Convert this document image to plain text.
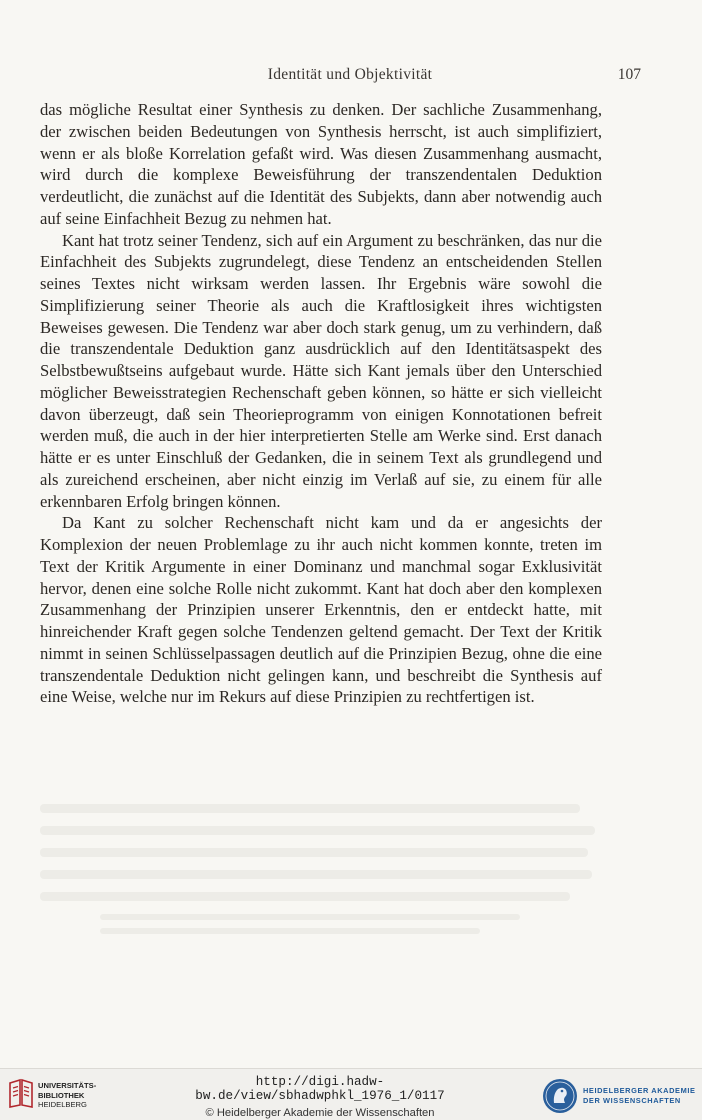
Identität und Objektivität	107

das mögliche Resultat einer Synthesis zu denken. Der sachliche Zusammenhang, der zwischen beiden Bedeutungen von Synthesis herrscht, ist auch simplifiziert, wenn er als bloße Korrelation gefaßt wird. Was diesen Zusammenhang ausmacht, wird durch die komplexe Beweisführung der transzendentalen Deduktion verdeutlicht, die zunächst auf die Identität des Subjekts, dann aber notwendig auch auf seine Einfachheit Bezug zu nehmen hat.

Kant hat trotz seiner Tendenz, sich auf ein Argument zu beschränken, das nur die Einfachheit des Subjekts zugrundelegt, diese Tendenz an entscheidenden Stellen seines Textes nicht wirksam werden lassen. Ihr Ergebnis wäre sowohl die Simplifizierung seiner Theorie als auch die Kraftlosigkeit ihres wichtigsten Beweises gewesen. Die Tendenz war aber doch stark genug, um zu verhindern, daß die transzendentale Deduktion ganz ausdrücklich auf den Identitätsaspekt des Selbstbewußtseins aufgebaut wurde. Hätte sich Kant jemals über den Unterschied möglicher Beweisstrategien Rechenschaft geben können, so hätte er sich vielleicht davon überzeugt, daß sein Theorieprogramm von einigen Konnotationen befreit werden muß, die auch in der hier interpretierten Stelle am Werke sind. Erst danach hätte er es unter Einschluß der Gedanken, die in seinem Text als grundlegend und als zureichend erscheinen, aber nicht einzig im Verlaß auf sie, zu einem für alle erkennbaren Erfolg bringen können.

Da Kant zu solcher Rechenschaft nicht kam und da er angesichts der Komplexion der neuen Problemlage zu ihr auch nicht kommen konnte, treten im Text der Kritik Argumente in einer Dominanz und manchmal sogar Exklusivität hervor, denen eine solche Rolle nicht zukommt. Kant hat doch aber den komplexen Zusammenhang der Prinzipien unserer Erkenntnis, den er entdeckt hatte, mit hinreichender Kraft gegen solche Tendenzen geltend gemacht. Der Text der Kritik nimmt in seinen Schlüsselpassagen deutlich auf die Prinzipien Bezug, ohne die eine transzendentale Deduktion nicht gelingen kann, und beschreibt die Synthesis auf eine Weise, welche nur im Rekurs auf diese Prinzipien zu rechtfertigen ist.

UNIVERSITÄTS-
BIBLIOTHEK
HEIDELBERG
http://digi.hadw-bw.de/view/sbhadwphkl_1976_1/0117
© Heidelberger Akademie der Wissenschaften
HEIDELBERGER AKADEMIE
DER WISSENSCHAFTEN
